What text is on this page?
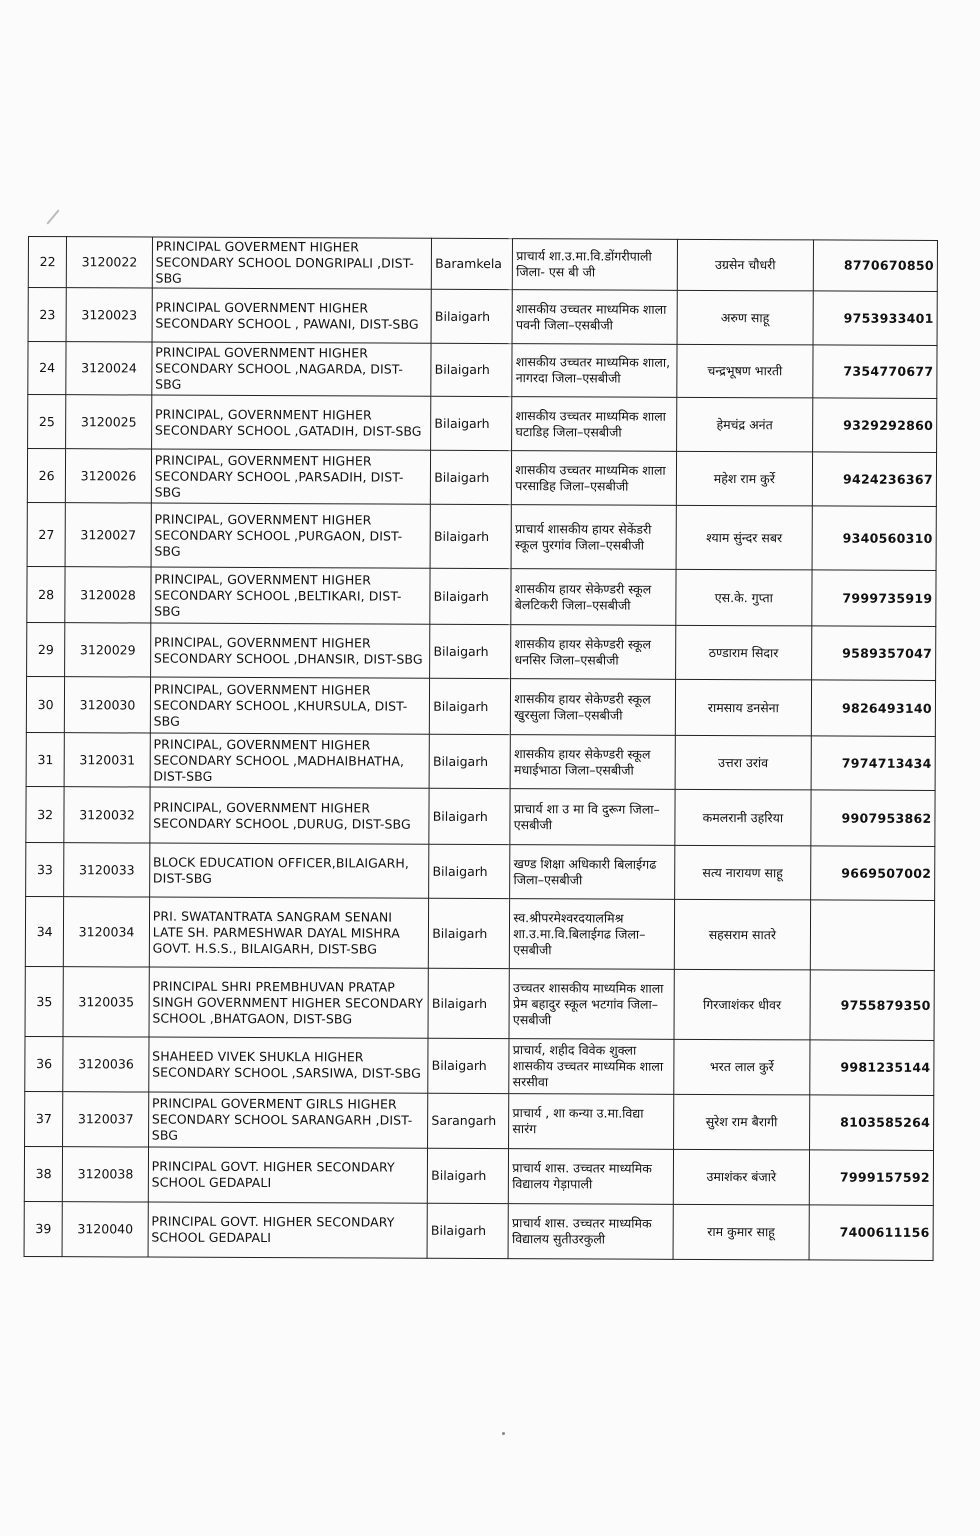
22	3120022	PRINCIPAL GOVERMENT HIGHER SECONDARY SCHOOL DONGRIPALI ,DIST-SBG	Baramkela	प्राचार्य शा.उ.मा.वि.डोंगरीपाली जिला- एस बी जी	उग्रसेन चौधरी	8770670850
23	3120023	PRINCIPAL GOVERNMENT HIGHER SECONDARY SCHOOL , PAWANI, DIST-SBG	Bilaigarh	शासकीय उच्चतर माध्यमिक शाला पवनी जिला–एसबीजी	अरुण साहू	9753933401
24	3120024	PRINCIPAL GOVERNMENT HIGHER SECONDARY SCHOOL ,NAGARDA, DIST-SBG	Bilaigarh	शासकीय उच्चतर माध्यमिक शाला, नागरदा जिला–एसबीजी	चन्द्रभूषण भारती	7354770677
25	3120025	PRINCIPAL, GOVERNMENT HIGHER SECONDARY SCHOOL ,GATADIH, DIST-SBG	Bilaigarh	शासकीय उच्चतर माध्यमिक शाला घटाडिह जिला–एसबीजी	हेमचंद्र अनंत	9329292860
26	3120026	PRINCIPAL, GOVERNMENT HIGHER SECONDARY SCHOOL ,PARSADIH, DIST-SBG	Bilaigarh	शासकीय उच्चतर माध्यमिक शाला परसाडिह जिला–एसबीजी	महेश राम कुर्रे	9424236367
27	3120027	PRINCIPAL, GOVERNMENT HIGHER SECONDARY SCHOOL ,PURGAON, DIST-SBG	Bilaigarh	प्राचार्य शासकीय हायर सेकेंडरी स्कूल पुरगांव जिला–एसबीजी	श्याम सुंन्दर सबर	9340560310
28	3120028	PRINCIPAL, GOVERNMENT HIGHER SECONDARY SCHOOL ,BELTIKARI, DIST-SBG	Bilaigarh	शासकीय हायर सेकेण्डरी स्कूल बेलटिकरी जिला–एसबीजी	एस.के. गुप्ता	7999735919
29	3120029	PRINCIPAL, GOVERNMENT HIGHER SECONDARY SCHOOL ,DHANSIR, DIST-SBG	Bilaigarh	शासकीय हायर सेकेण्डरी स्कूल धनसिर जिला–एसबीजी	ठण्डाराम सिदार	9589357047
30	3120030	PRINCIPAL, GOVERNMENT HIGHER SECONDARY SCHOOL ,KHURSULA, DIST-SBG	Bilaigarh	शासकीय हायर सेकेण्डरी स्कूल खुरसुला जिला–एसबीजी	रामसाय डनसेना	9826493140
31	3120031	PRINCIPAL, GOVERNMENT HIGHER SECONDARY SCHOOL ,MADHAIBHATHA, DIST-SBG	Bilaigarh	शासकीय हायर सेकेण्डरी स्कूल मधाईभाठा जिला–एसबीजी	उत्तरा उरांव	7974713434
32	3120032	PRINCIPAL, GOVERNMENT HIGHER SECONDARY SCHOOL ,DURUG, DIST-SBG	Bilaigarh	प्राचार्य शा उ मा वि दुरूग जिला–एसबीजी	कमलरानी उहरिया	9907953862
33	3120033	BLOCK EDUCATION OFFICER,BILAIGARH, DIST-SBG	Bilaigarh	खण्ड शिक्षा अधिकारी बिलाईगढ जिला–एसबीजी	सत्य नारायण साहू	9669507002
34	3120034	PRI. SWATANTRATA SANGRAM SENANI LATE SH. PARMESHWAR DAYAL MISHRA GOVT. H.S.S., BILAIGARH, DIST-SBG	Bilaigarh	स्व.श्रीपरमेश्वरदयालमिश्र शा.उ.मा.वि.बिलाईगढ जिला–एसबीजी	सहसराम सातरे	
35	3120035	PRINCIPAL SHRI PREMBHUVAN PRATAP SINGH GOVERNMENT HIGHER SECONDARY SCHOOL ,BHATGAON, DIST-SBG	Bilaigarh	उच्चतर शासकीय माध्यमिक शाला प्रेम बहादुर स्कूल भटगांव जिला–एसबीजी	गिरजाशंकर धीवर	9755879350
36	3120036	SHAHEED VIVEK SHUKLA HIGHER SECONDARY SCHOOL ,SARSIWA, DIST-SBG	Bilaigarh	प्राचार्य, शहीद विवेक शुक्ला शासकीय उच्चतर माध्यमिक शाला सरसीवा	भरत लाल कुर्रे	9981235144
37	3120037	PRINCIPAL GOVERMENT GIRLS HIGHER SECONDARY SCHOOL SARANGARH ,DIST-SBG	Sarangarh	प्राचार्य , शा कन्या उ.मा.विद्या सारंग	सुरेश राम बैरागी	8103585264
38	3120038	PRINCIPAL GOVT. HIGHER SECONDARY SCHOOL GEDAPALI	Bilaigarh	प्राचार्य शास. उच्चतर माध्यमिक विद्यालय गेड़ापाली	उमाशंकर बंजारे	7999157592
39	3120040	PRINCIPAL GOVT. HIGHER SECONDARY SCHOOL GEDAPALI	Bilaigarh	प्राचार्य शास. उच्चतर माध्यमिक विद्यालय सुतीउरकुली	राम कुमार साहू	7400611156
